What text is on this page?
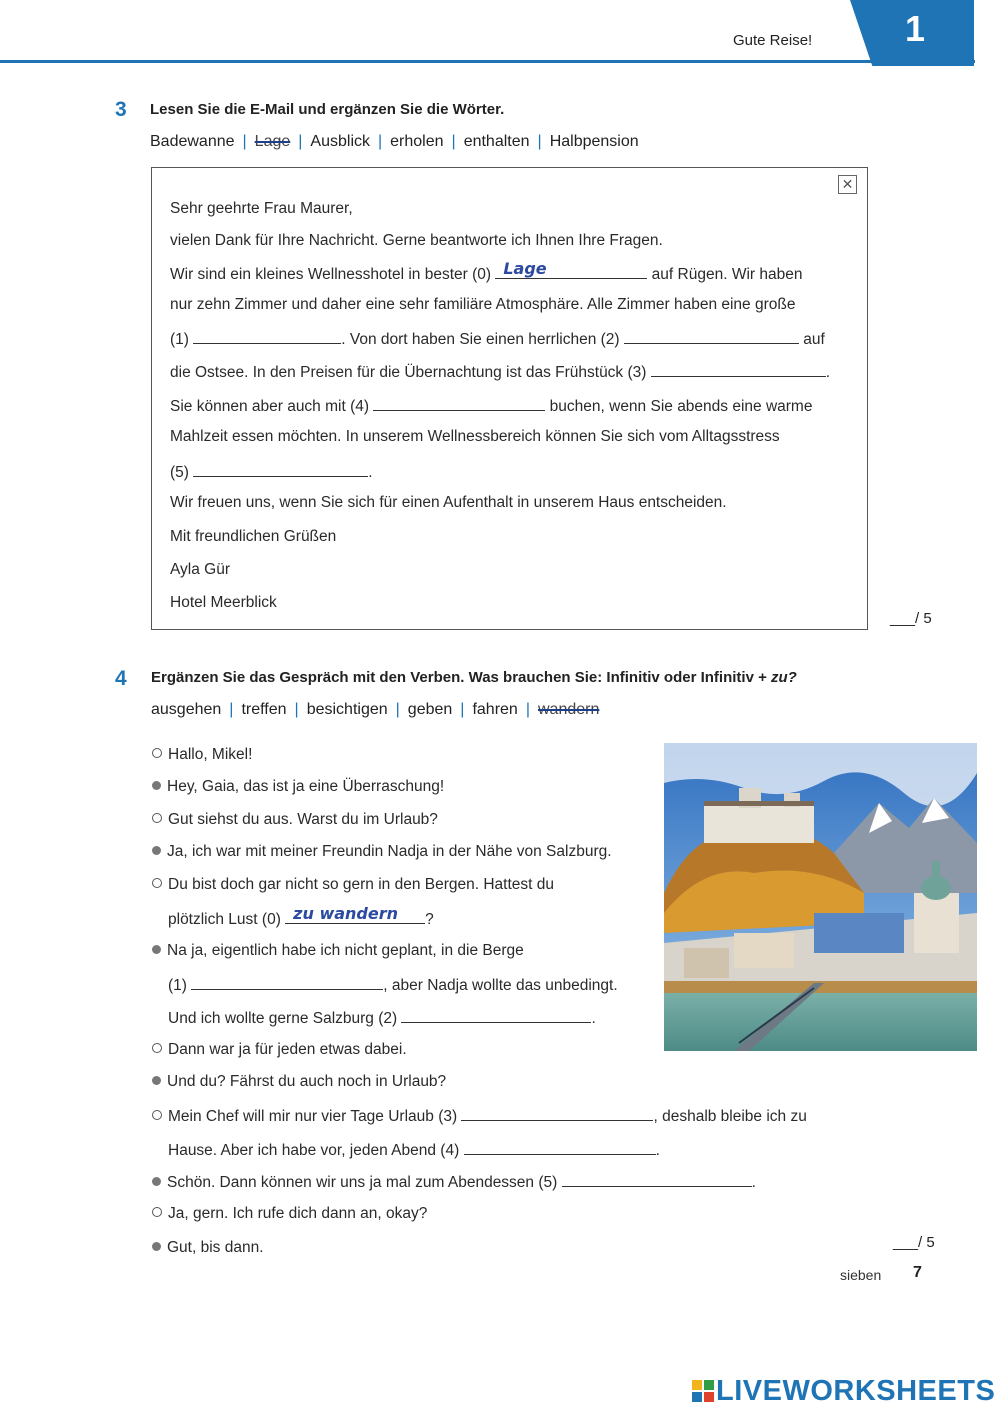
Gute Reise!	1
3 Lesen Sie die E-Mail und ergänzen Sie die Wörter.
Badewanne | Lage | Ausblick | erholen | enthalten | Halbpension
✕
Sehr geehrte Frau Maurer,
vielen Dank für Ihre Nachricht. Gerne beantworte ich Ihnen Ihre Fragen.
Wir sind ein kleines Wellnesshotel in bester (0) Lage	auf Rügen. Wir haben
nur zehn Zimmer und daher eine sehr familiäre Atmosphäre. Alle Zimmer haben eine große
(1)	. Von dort haben Sie einen herrlichen (2)	auf
die Ostsee. In den Preisen für die Übernachtung ist das Frühstück (3)	.
Sie können aber auch mit (4)	buchen, wenn Sie abends eine warme
Mahlzeit essen möchten. In unserem Wellnessbereich können Sie sich vom Alltagsstress
(5)	.
Wir freuen uns, wenn Sie sich für einen Aufenthalt in unserem Haus entscheiden.
Mit freundlichen Grüßen
Ayla Gür
Hotel Meerblick
___/ 5
4 Ergänzen Sie das Gespräch mit den Verben. Was brauchen Sie: Infinitiv oder Infinitiv + zu?
ausgehen | treffen | besichtigen | geben | fahren | wandern
Hallo, Mikel!
Hey, Gaia, das ist ja eine Überraschung!
Gut siehst du aus. Warst du im Urlaub?
Ja, ich war mit meiner Freundin Nadja in der Nähe von Salzburg.
Du bist doch gar nicht so gern in den Bergen. Hattest du
plötzlich Lust (0) zu wandern ?
Na ja, eigentlich habe ich nicht geplant, in die Berge
(1)	, aber Nadja wollte das unbedingt.
Und ich wollte gerne Salzburg (2)	.
Dann war ja für jeden etwas dabei.
Und du? Fährst du auch noch in Urlaub?
Mein Chef will mir nur vier Tage Urlaub (3)	, deshalb bleibe ich zu
Hause. Aber ich habe vor, jeden Abend (4)	.
Schön. Dann können wir uns ja mal zum Abendessen (5)	.
Ja, gern. Ich rufe dich dann an, okay?
Gut, bis dann.	___/ 5
sieben 7
LIVEWORKSHEETS
